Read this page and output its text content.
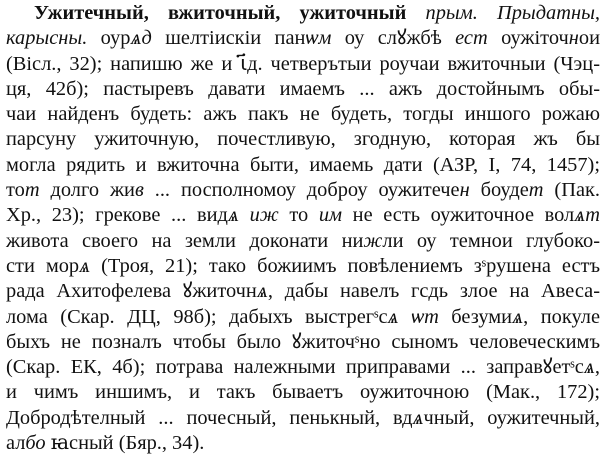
Ужитечный, вжиточный, ужиточный прым. Прыдатны,
карысны. оурѧд шелтіискіи панѡм оу слꙋжбѣ ест оужіточнои
(Вісл., 32); напишю же и ꙇ҃д. четверътыи роучаи вжиточныи (Чэц-
ця, 42б); пастыревъ давати имаемъ ... ажъ достойнымъ обы-
чаи найденъ будеть: ажъ пакъ не будеть, тогды иншого рожаю
парсуну ужиточную, почестливую, згодную, которая жъ бы
могла рядить и вжиточна быти, имаемь дати (АЗР, I, 74, 1457);
тот долго жив ... посполномоу доброу оужитечен боудет (Пак.
Хр., 23); грекове ... видѧ иж то им не есть оужиточное волѧт
живота своего на земли доконати нижли оу темнои глубоко-
сти морѧ (Троя, 21); тако божиимъ повѣлениемъ зˢрушена естъ
рада Ахитофелева ꙋжиточнѧ, дабы навелъ гсдь злое на Авеса-
лома (Скар. ДЦ, 98б); дабыхъ выстрегˢсѧ ѡт безумиѧ, покуле
быхъ не позналъ чтобы было ꙋжиточˢно сыномъ человеческимъ
(Скар. ЕК, 4б); потрава належными приправами ... заправꙋетˢсѧ,
и чимъ иншимъ, и такъ бываетъ оужиточною (Мак., 172);
Добродѣтелный ... почесный, пенькный, вдѧчный, оужитечный,
албо ꙗсный (Бяр., 34).
